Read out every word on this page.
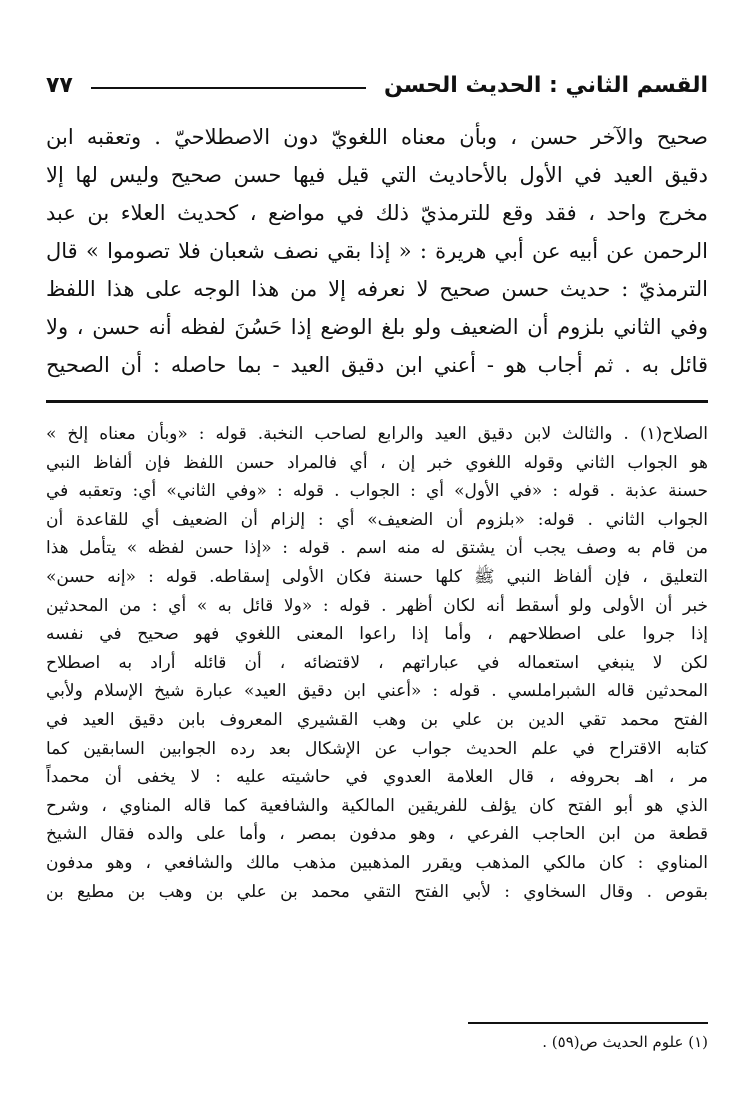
القسم الثاني : الحديث الحسن
٧٧
صحيح والآخر حسن ، وبأن معناه اللغويّ دون الاصطلاحيّ . وتعقبه ابن
دقيق العيد في الأول بالأحاديث التي قيل فيها حسن صحيح وليس لها إلا
مخرج واحد ، فقد وقع للترمذيّ ذلك في مواضع ، كحديث العلاء بن عبد
الرحمن عن أبيه عن أبي هريرة : « إذا بقي نصف شعبان فلا تصوموا » قال
الترمذيّ : حديث حسن صحيح لا نعرفه إلا من هذا الوجه على هذا اللفظ
وفي الثاني بلزوم أن الضعيف ولو بلغ الوضع إذا حَسُنَ لفظه أنه حسن ، ولا
قائل به . ثم أجاب هو - أعني ابن دقيق العيد - بما حاصله : أن الصحيح
الصلاح(١) . والثالث لابن دقيق العيد والرابع لصاحب النخبة. قوله : «وبأن معناه إلخ »
هو الجواب الثاني وقوله اللغوي خبر إن ، أي فالمراد حسن اللفظ فإن ألفاظ النبي
حسنة عذبة . قوله : «في الأول» أي : الجواب . قوله : «وفي الثاني» أي: وتعقبه في
الجواب الثاني . قوله: «بلزوم أن الضعيف» أي : إلزام أن الضعيف أي للقاعدة أن
من قام به وصف يجب أن يشتق له منه اسم . قوله : «إذا حسن لفظه » يتأمل هذا
التعليق ، فإن ألفاظ النبي ﷺ كلها حسنة فكان الأولى إسقاطه. قوله : «إنه حسن»
خبر أن الأولى ولو أسقط أنه لكان أظهر . قوله : «ولا قائل به » أي : من المحدثين
إذا جروا على اصطلاحهم ، وأما إذا راعوا المعنى اللغوي فهو صحيح في نفسه
لكن لا ينبغي استعماله في عباراتهم ، لاقتضائه ، أن قائله أراد به اصطلاح
المحدثين قاله الشبراملسي . قوله : «أعني ابن دقيق العيد» عبارة شيخ الإسلام ولأبي
الفتح محمد تقي الدين بن علي بن وهب القشيري المعروف بابن دقيق العيد في
كتابه الاقتراح في علم الحديث جواب عن الإشكال بعد رده الجوابين السابقين كما
مر ، اهـ بحروفه ، قال العلامة العدوي في حاشيته عليه : لا يخفى أن محمداً
الذي هو أبو الفتح كان يؤلف للفريقين المالكية والشافعية كما قاله المناوي ، وشرح
قطعة من ابن الحاجب الفرعي ، وهو مدفون بمصر ، وأما على والده فقال الشيخ
المناوي : كان مالكي المذهب ويقرر المذهبين مذهب مالك والشافعي ، وهو مدفون
بقوص . وقال السخاوي : لأبي الفتح التقي محمد بن علي بن وهب بن مطيع بن
(١) علوم الحديث ص(٥٩) .
